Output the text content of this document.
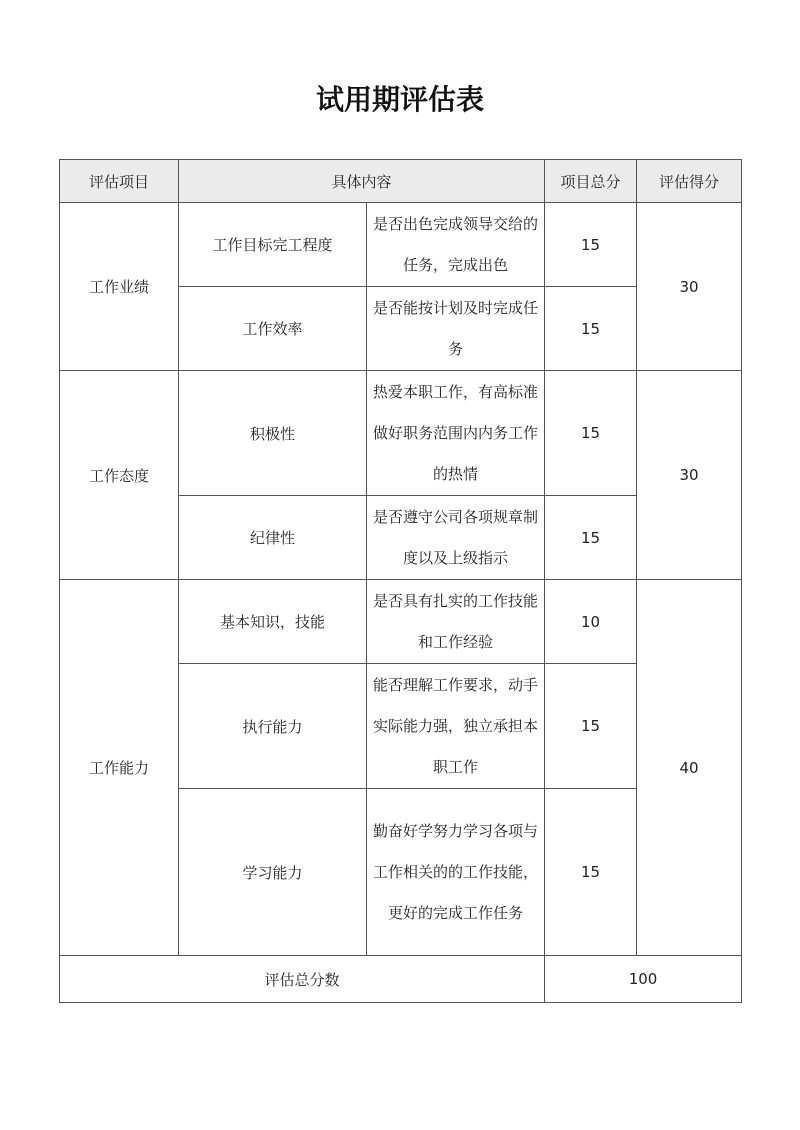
试用期评估表
评估项目	具体内容		项目总分	评估得分
工作业绩	工作目标完工程度	是否出色完成领导交给的任务，完成出色	15	30
	工作效率	是否能按计划及时完成任务	15	
工作态度	积极性	热爱本职工作，有高标准做好职务范围内内务工作的热情	15	30
	纪律性	是否遵守公司各项规章制度以及上级指示	15	
工作能力	基本知识，技能	是否具有扎实的工作技能和工作经验	10	40
	执行能力	能否理解工作要求，动手实际能力强，独立承担本职工作	15	
	学习能力	勤奋好学努力学习各项与工作相关的的工作技能，更好的完成工作任务	15	
评估总分数			100	
